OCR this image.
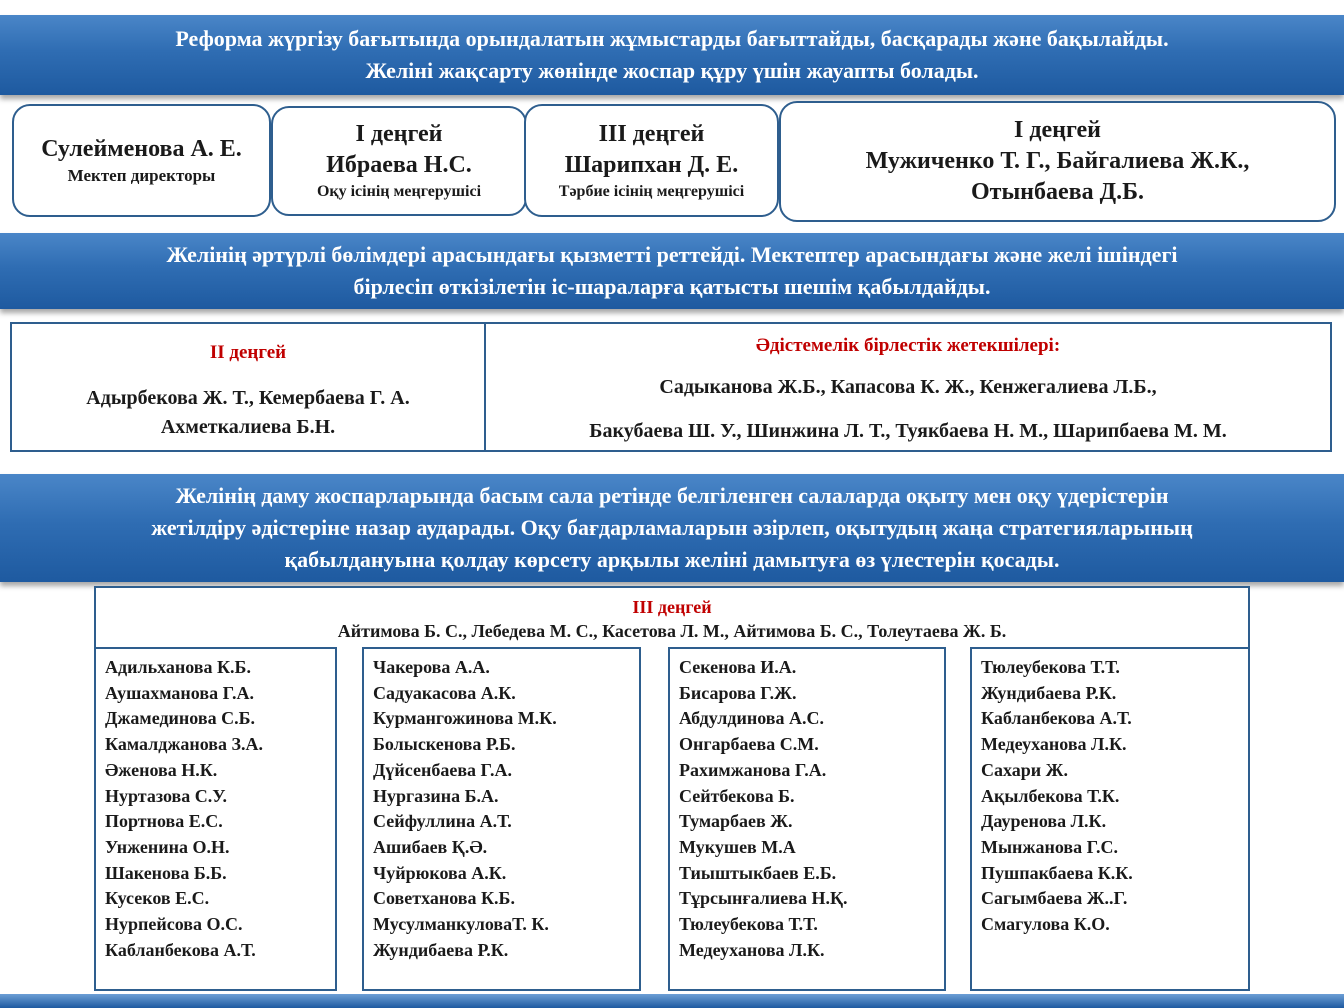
Реформа жүргізу бағытында орындалатын жұмыстарды бағыттайды, басқарады және бақылайды.
Желіні жақсарту жөнінде жоспар құру үшін жауапты болады.
Сулейменова А. Е.
Мектеп директоры
І деңгей
Ибраева Н.С.
Оқу ісінің меңгерушісі
ІІІ деңгей
Шарипхан Д. Е.
Тәрбие ісінің меңгерушісі
І деңгей
Мужиченко Т. Г., Байгалиева Ж.К.,
Отынбаева Д.Б.
Желінің әртүрлі бөлімдері арасындағы қызметті реттейді. Мектептер арасындағы және желі ішіндегі
бірлесіп өткізілетін іс-шараларға қатысты шешім қабылдайды.
ІІ деңгей
Адырбекова Ж. Т., Кемербаева Г. А.
Ахметкалиева Б.Н.
Әдістемелік бірлестік жетекшілері:
Садыканова Ж.Б., Капасова К. Ж., Кенжегалиева Л.Б.,
Бакубаева Ш. У., Шинжина Л. Т., Туякбаева Н. М., Шарипбаева М. М.
Желінің даму жоспарларында басым сала ретінде белгіленген салаларда оқыту мен оқу үдерістерін
жетілдіру әдістеріне назар аударады. Оқу бағдарламаларын әзірлеп, оқытудың жаңа стратегияларының
қабылдануына қолдау көрсету арқылы желіні дамытуға өз үлестерін қосады.
ІІІ деңгей
Айтимова Б. С., Лебедева М. С., Касетова Л. М., Айтимова Б. С., Толеутаева Ж. Б.
Адильханова К.Б.
Аушахманова Г.А.
Джамединова С.Б.
Камалджанова З.А.
Әженова Н.К.
Нуртазова С.У.
Портнова Е.С.
Унженина О.Н.
Шакенова Б.Б.
Кусеков Е.С.
Нурпейсова О.С.
Кабланбекова А.Т.
Чакерова А.А.
Садуакасова А.К.
Курмангожинова М.К.
Болыскенова Р.Б.
Дүйсенбаева Г.А.
Нургазина Б.А.
Сейфуллина А.Т.
Ашибаев Қ.Ә.
Чуйрюкова А.К.
Советханова К.Б.
МусулманкуловаТ. К.
Жундибаева Р.К.
Секенова И.А.
Бисарова Г.Ж.
Абдулдинова А.С.
Онгарбаева С.М.
Рахимжанова Г.А.
Сейтбекова Б.
Тумарбаев Ж.
Мукушев М.А
Тиыштыкбаев Е.Б.
Тұрсынғалиева Н.Қ.
Тюлеубекова Т.Т.
Медеуханова Л.К.
Тюлеубекова Т.Т.
Жундибаева Р.К.
Кабланбекова А.Т.
Медеуханова Л.К.
Сахари Ж.
Ақылбекова Т.К.
Дауренова Л.К.
Мынжанова Г.С.
Пушпакбаева К.К.
Сагымбаева Ж..Г.
Смагулова К.О.
